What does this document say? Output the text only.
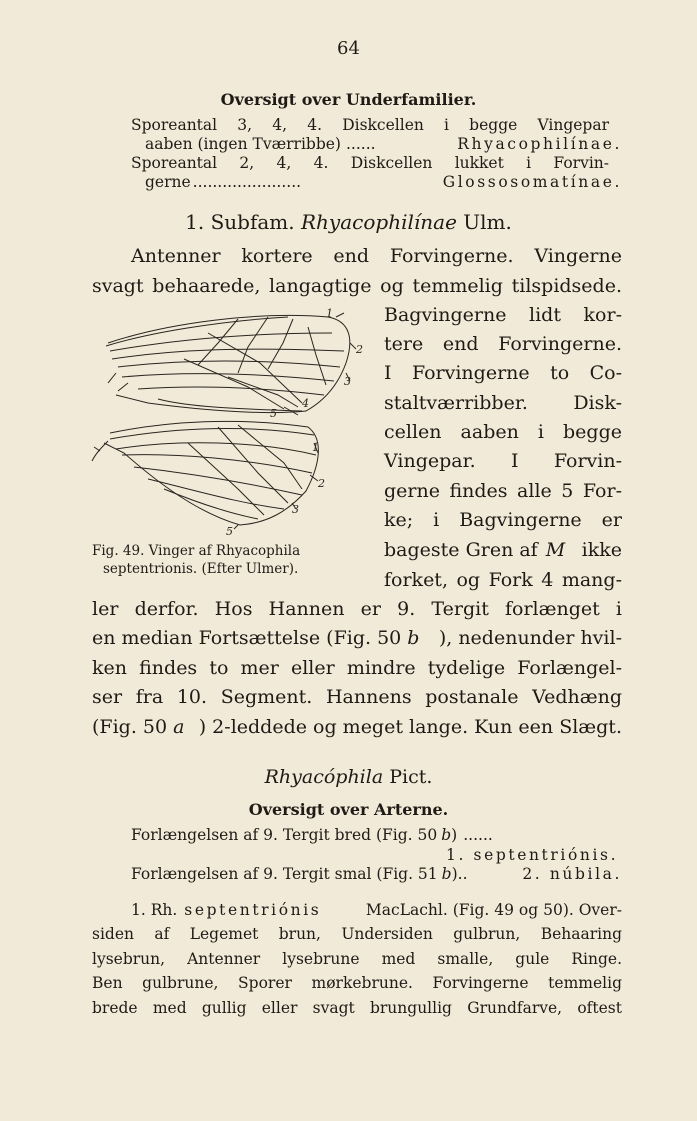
64
Oversigt over Underfamilier.
Sporeantal 3, 4, 4. Diskcellen i begge Vingepar
aaben (ingen Tværribbe) ......	Rhyacophilínae.
Sporeantal 2, 4, 4. Diskcellen lukket i Forvin-
gerne ......................	Glossosomatínae.
1. Subfam. Rhyacophilínae Ulm.
Antenner kortere end Forvingerne. Vingerne
svagt behaarede, langagtige og temmelig tilspidsede.
Bagvingerne lidt kor-
tere end Forvingerne.
I Forvingerne to Co-
staltværribber. Disk-
cellen aaben i begge
Vingepar. I Forvin-
gerne findes alle 5 For-
ke; i Bagvingerne er
bageste Gren af M ikke
forket, og Fork 4 mang-
ler derfor. Hos Hannen er 9. Tergit forlænget i
en median Fortsættelse (Fig. 50 b ), nedenunder hvil-
ken findes to mer eller mindre tydelige Forlængel-
ser fra 10. Segment. Hannens postanale Vedhæng
(Fig. 50 a ) 2-leddede og meget lange. Kun een Slægt.
1
2
3
4
5
1
2
3
5
Fig. 49. Vinger af Rhyacophila
septentrionis. (Efter Ulmer).
Rhyacóphila Pict.
Oversigt over Arterne.
Forlængelsen af 9. Tergit bred (Fig. 50 b ) ......
1. septentriónis.
Forlængelsen af 9. Tergit smal (Fig. 51 b )..	2. núbila.
1. Rh. septentriónis	MacLachl. (Fig. 49 og 50). Over-
siden af Legemet brun, Undersiden gulbrun, Behaaring
lysebrun, Antenner lysebrune med smalle, gule Ringe.
Ben gulbrune, Sporer mørkebrune. Forvingerne temmelig
brede med gullig eller svagt brungullig Grundfarve, oftest
